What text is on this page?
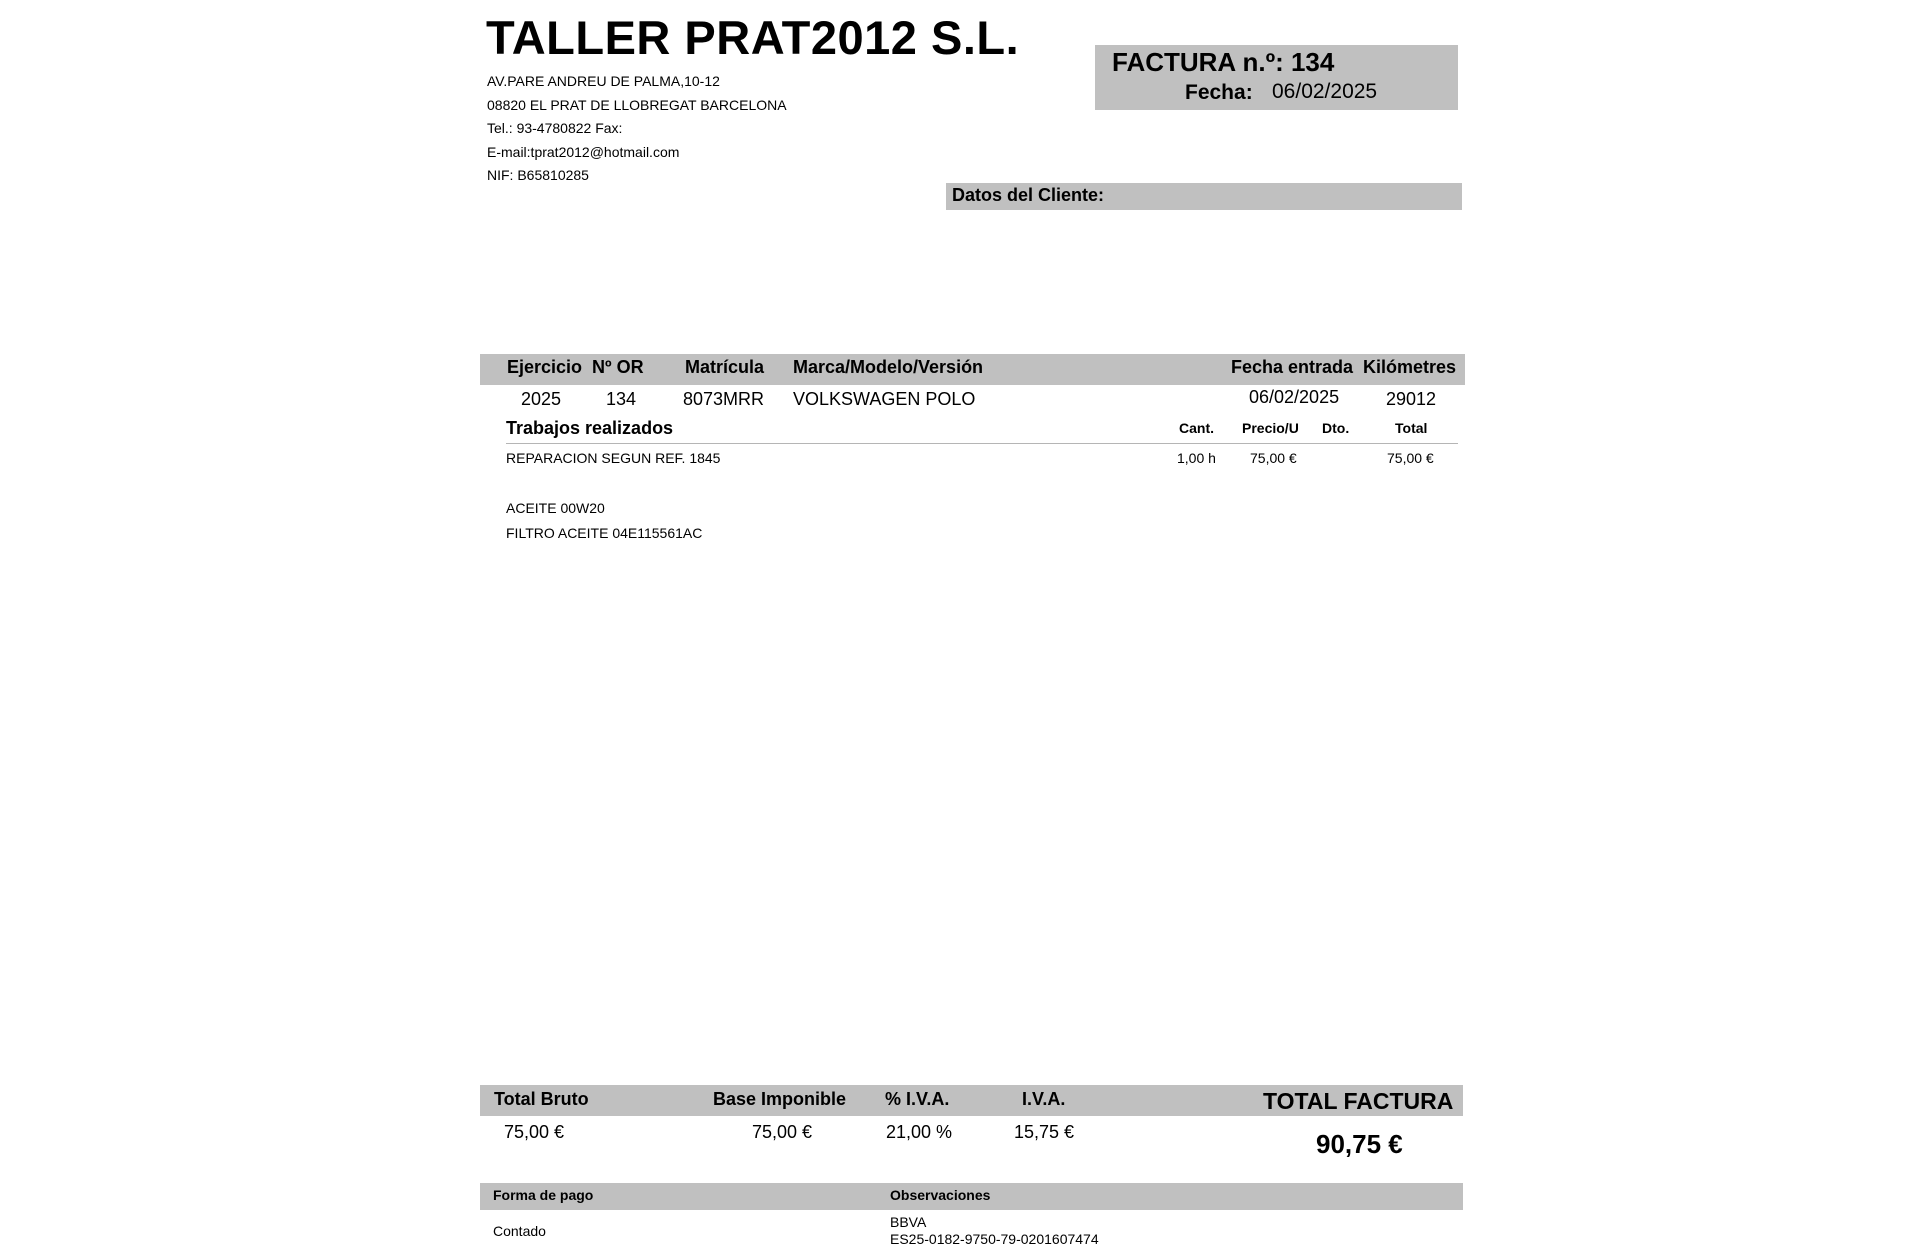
TALLER PRAT2012 S.L.
AV.PARE ANDREU DE PALMA,10-12
08820 EL PRAT DE LLOBREGAT BARCELONA
Tel.: 93-4780822 Fax:
E-mail:tprat2012@hotmail.com
NIF: B65810285
FACTURA n.º: 134
Fecha: 06/02/2025
Datos del Cliente:
Ejercicio Nº OR Matrícula Marca/Modelo/Versión	Fecha entrada Kilómetres
2025 134	8073MRR VOLKSWAGEN POLO	06/02/2025	29012
Trabajos realizados	Cant. Precio/U Dto.	Total
REPARACION SEGUN REF. 1845	1,00 h 75,00 €	75,00 €
ACEITE 00W20
FILTRO ACEITE 04E115561AC
Total Bruto	Base Imponible % I.V.A.	I.V.A.	TOTAL FACTURA
75,00 €	75,00 €	21,00 %	15,75 €	90,75 €
Forma de pago	Observaciones
Contado
BBVA
ES25-0182-9750-79-0201607474
